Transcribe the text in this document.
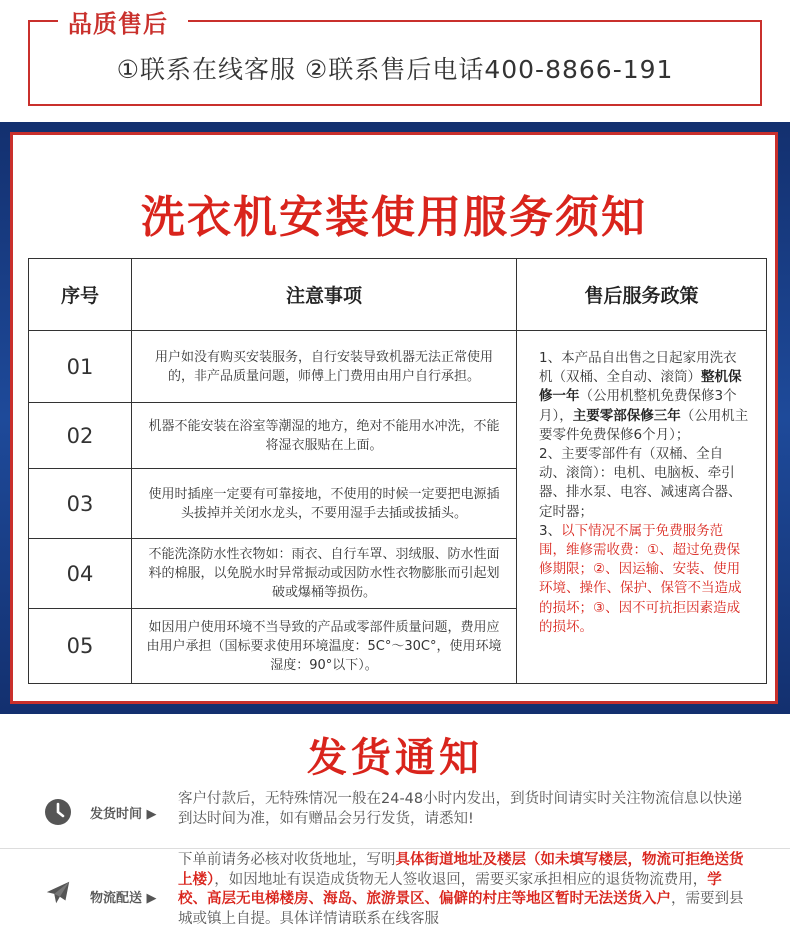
品质售后
①联系在线客服 ②联系售后电话400-8866-191
洗衣机安装使用服务须知
序号	注意事项	售后服务政策
01	用户如没有购买安装服务，自行安装导致机器无法正常使用的，非产品质量问题，师傅上门费用由用户自行承担。	1、本产品自出售之日起家用洗衣机（双桶、全自动、滚筒）整机保修一年（公用机整机免费保修3个月），主要零部保修三年（公用机主要零件免费保修6个月）；

2、主要零部件有（双桶、全自动、滚筒）：电机、电脑板、牵引器、排水泵、电容、减速离合器、定时器；

3、以下情况不属于免费服务范围，维修需收费：①、超过免费保修期限；②、因运输、安装、使用环境、操作、保护、保管不当造成的损坏；③、因不可抗拒因素造成的损坏。

02	机器不能安装在浴室等潮湿的地方，绝对不能用水冲洗，不能将湿衣服贴在上面。	
03	使用时插座一定要有可靠接地，不使用的时候一定要把电源插头拔掉并关闭水龙头，不要用湿手去插或拔插头。	
04	不能洗涤防水性衣物如：雨衣、自行车罩、羽绒服、防水性面料的棉服，以免脱水时异常振动或因防水性衣物膨胀而引起划破或爆桶等损伤。	
05	如因用户使用环境不当导致的产品或零部件质量问题，费用应由用户承担（国标要求使用环境温度：5C°～30C°，使用环境湿度：90°以下）。	
发货通知
发货时间 ▶
客户付款后，无特殊情况一般在24-48小时内发出，到货时间请实时关注物流信息以快递到达时间为准，如有赠品会另行发货，请悉知!
物流配送 ▶
下单前请务必核对收货地址，写明具体街道地址及楼层（如未填写楼层，物流可拒绝送货上楼），如因地址有误造成货物无人签收退回，需要买家承担相应的退货物流费用，学校、高层无电梯楼房、海岛、旅游景区、偏僻的村庄等地区暂时无法送货入户，需要到县城或镇上自提。具体详情请联系在线客服
